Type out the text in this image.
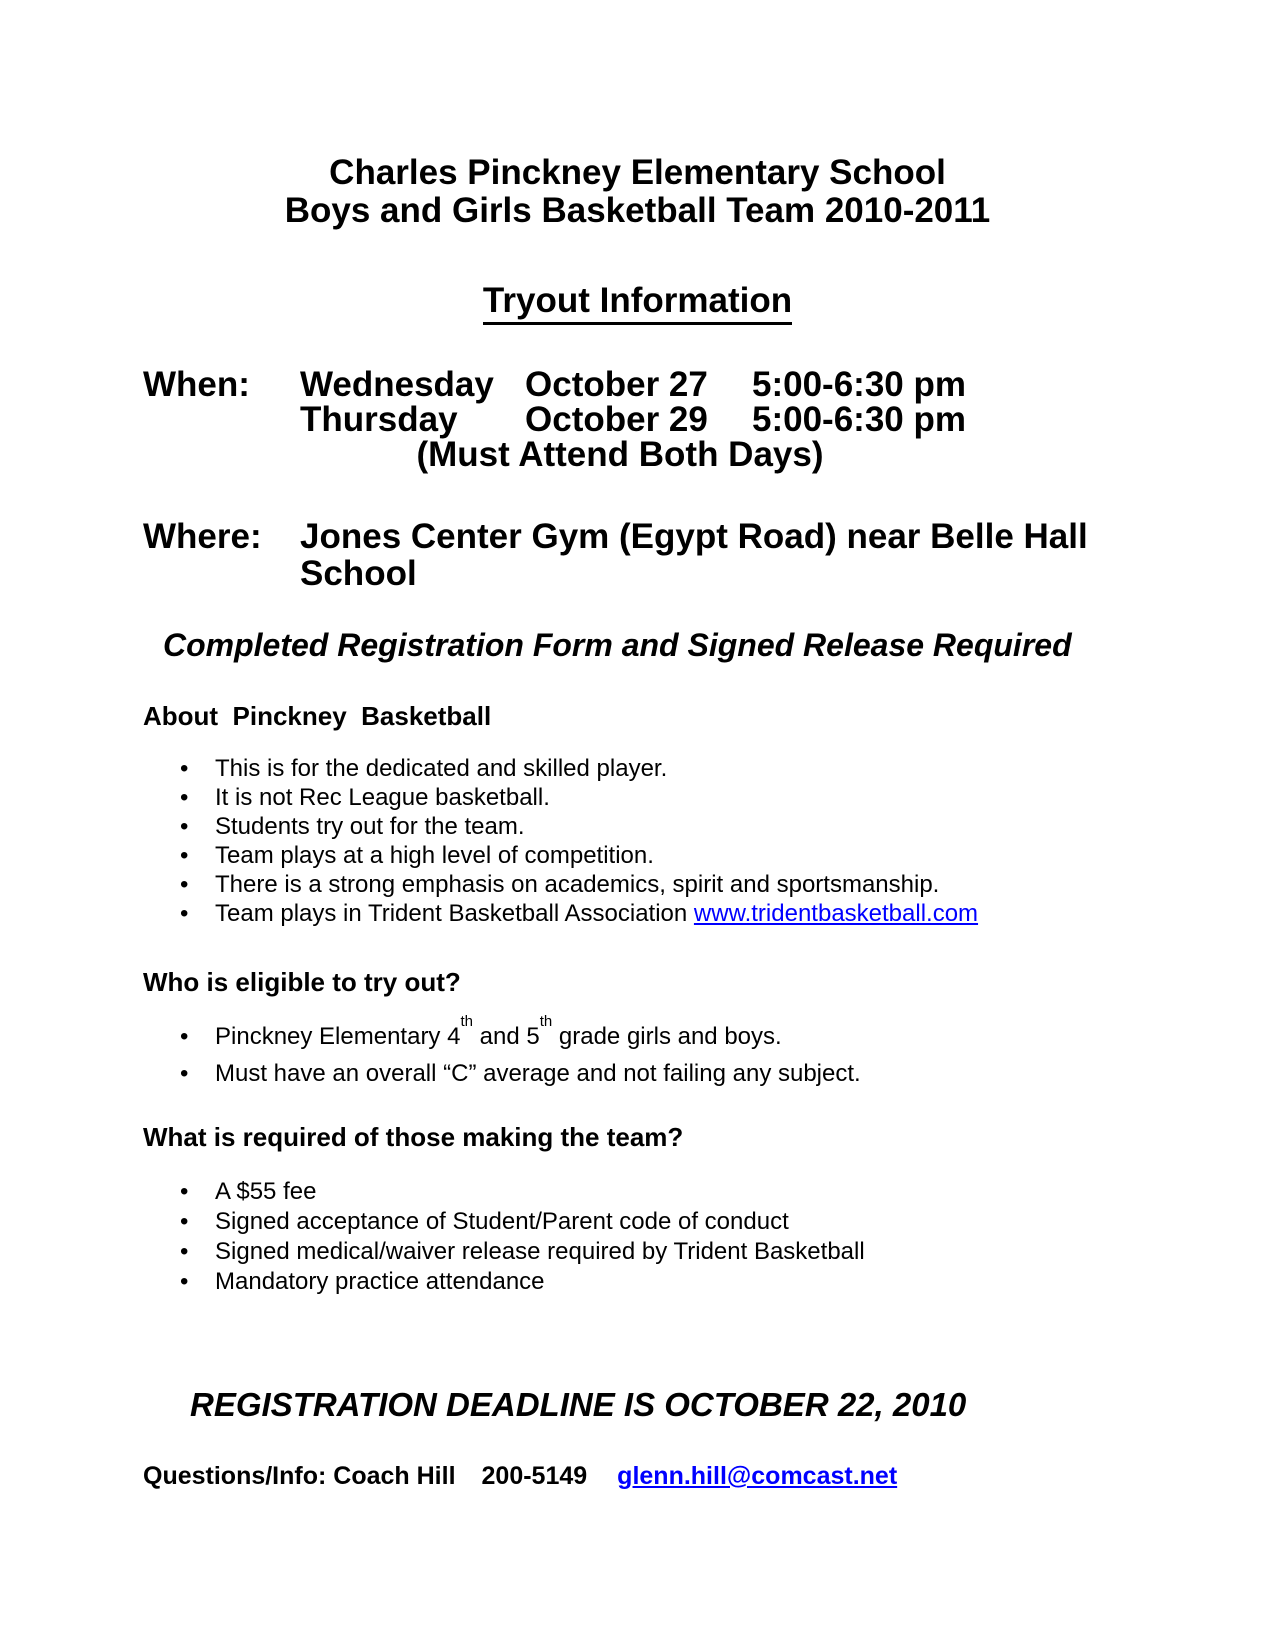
Charles Pinckney Elementary School
Boys and Girls Basketball Team 2010-2011
Tryout Information
When:	Wednesday October 27	5:00-6:30 pm
Thursday	October 29	5:00-6:30 pm
(Must Attend Both Days)
Where:	Jones Center Gym (Egypt Road) near Belle Hall School
Completed Registration Form and Signed Release Required
About  Pinckney  Basketball
• This is for the dedicated and skilled player.
• It is not Rec League basketball.
• Students try out for the team.
• Team plays at a high level of competition.
• There is a strong emphasis on academics, spirit and sportsmanship.
• Team plays in Trident Basketball Association www.tridentbasketball.com
Who is eligible to try out?
• Pinckney Elementary 4th and 5th grade girls and boys.
• Must have an overall “C” average and not failing any subject.
What is required of those making the team?
• A $55 fee
• Signed acceptance of Student/Parent code of conduct
• Signed medical/waiver release required by Trident Basketball
• Mandatory practice attendance
REGISTRATION DEADLINE IS OCTOBER 22, 2010
Questions/Info: Coach Hill 200-5149 glenn.hill@comcast.net
